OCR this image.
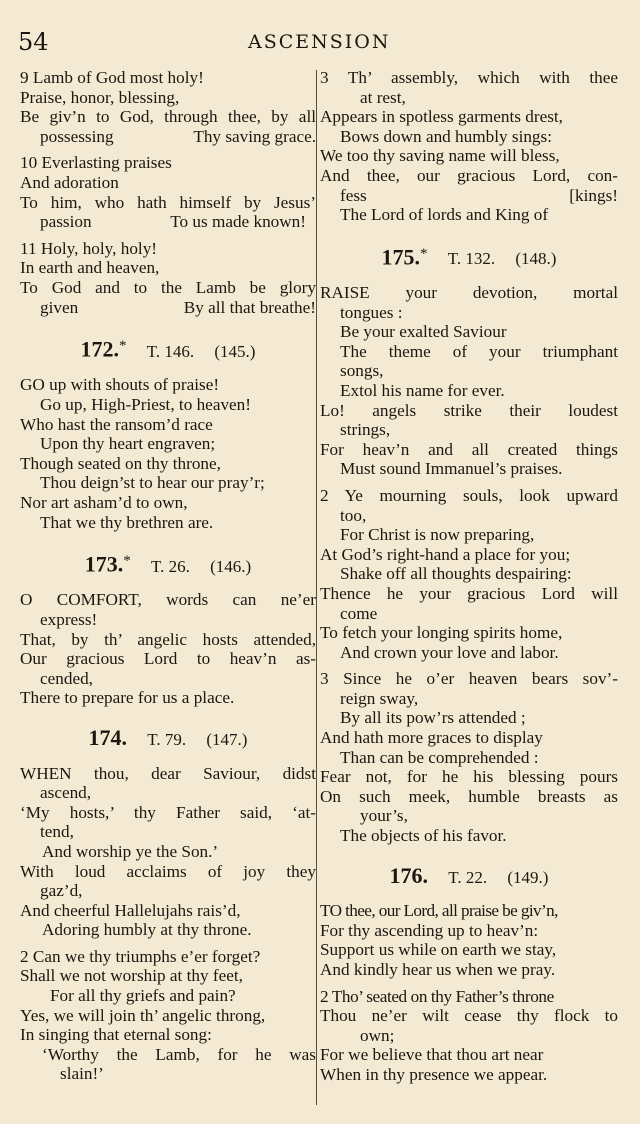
54	ASCENSION
9 Lamb of God most holy!
Praise, honor, blessing,
Be giv’n to God, through thee, by all
possessing	Thy saving grace.
10 Everlasting praises
And adoration
To him, who hath himself by Jesus’
passion	To us made known!
11 Holy, holy, holy!
In earth and heaven,
To God and to the Lamb be glory
given	By all that breathe!
172.* T. 146. (145.)
GO up with shouts of praise!
Go up, High-Priest, to heaven!
Who hast the ransom’d race
Upon thy heart engraven;
Though seated on thy throne,
Thou deign’st to hear our pray’r;
Nor art asham’d to own,
That we thy brethren are.
173.* T. 26. (146.)
O COMFORT, words can ne’er
express!
That, by th’ angelic hosts attended,
Our gracious Lord to heav’n as-
cended,
There to prepare for us a place.
174. T. 79. (147.)
WHEN thou, dear Saviour, didst
ascend,
‘My hosts,’ thy Father said, ‘at-
tend,
And worship ye the Son.’
With loud acclaims of joy they
gaz’d,
And cheerful Hallelujahs rais’d,
Adoring humbly at thy throne.
2 Can we thy triumphs e’er forget?
Shall we not worship at thy feet,
For all thy griefs and pain?
Yes, we will join th’ angelic throng,
In singing that eternal song:
‘Worthy the Lamb, for he was
slain!’
3 Th’ assembly, which with thee
at rest,
Appears in spotless garments drest,
Bows down and humbly sings:
We too thy saving name will bless,
And thee, our gracious Lord, con-
fess	[kings!
The Lord of lords and King of
175.* T. 132. (148.)
RAISE your devotion, mortal
tongues :
Be your exalted Saviour
The theme of your triumphant
songs,
Extol his name for ever.
Lo! angels strike their loudest
strings,
For heav’n and all created things
Must sound Immanuel’s praises.
2 Ye mourning souls, look upward
too,
For Christ is now preparing,
At God’s right-hand a place for you;
Shake off all thoughts despairing:
Thence he your gracious Lord will
come
To fetch your longing spirits home,
And crown your love and labor.
3 Since he o’er heaven bears sov’-
reign sway,
By all its pow’rs attended ;
And hath more graces to display
Than can be comprehended :
Fear not, for he his blessing pours
On such meek, humble breasts as
your’s,
The objects of his favor.
176. T. 22. (149.)
TO thee, our Lord, all praise be giv’n,
For thy ascending up to heav’n:
Support us while on earth we stay,
And kindly hear us when we pray.
2 Tho’ seated on thy Father’s throne
Thou ne’er wilt cease thy flock to
own;
For we believe that thou art near
When in thy presence we appear.
